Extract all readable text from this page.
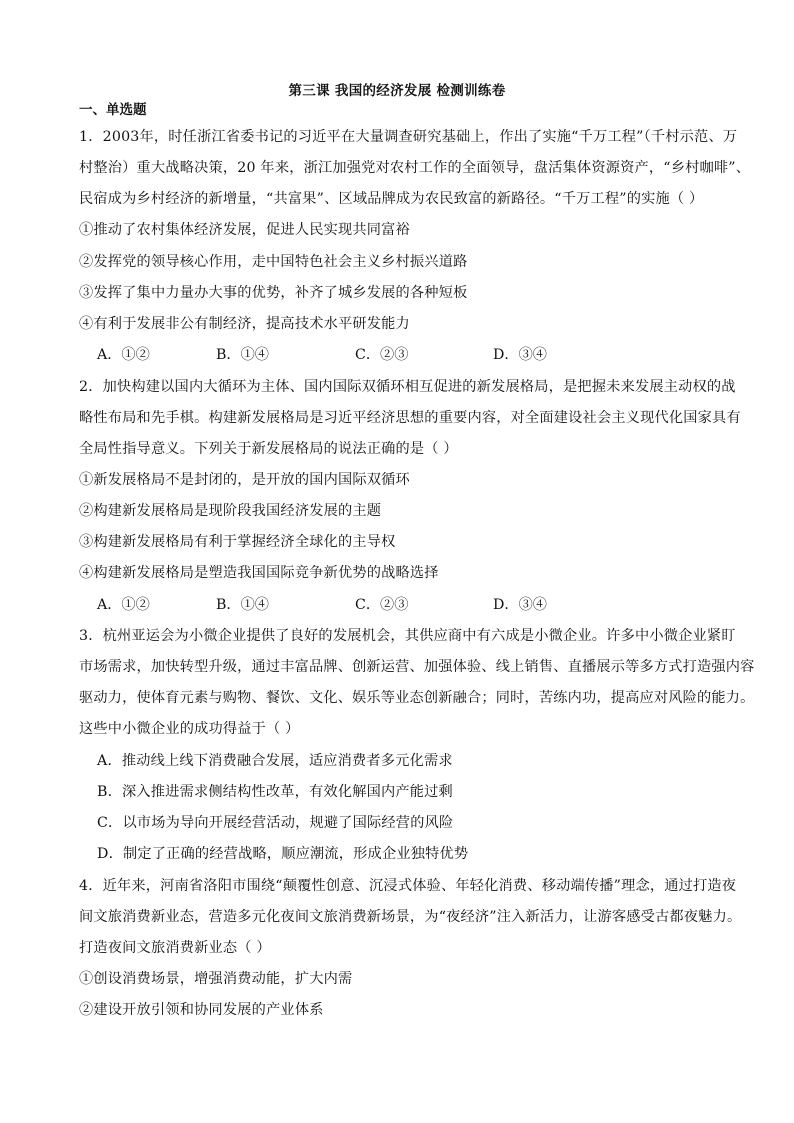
第三课 我国的经济发展 检测训练卷
一、单选题
1．2003年，时任浙江省委书记的习近平在大量调查研究基础上，作出了实施“千万工程”（千村示范、万
村整治）重大战略决策，20 年来，浙江加强党对农村工作的全面领导，盘活集体资源资产，“乡村咖啡”、
民宿成为乡村经济的新增量，“共富果”、区域品牌成为农民致富的新路径。“千万工程”的实施（ ）
①推动了农村集体经济发展，促进人民实现共同富裕
②发挥党的领导核心作用，走中国特色社会主义乡村振兴道路
③发挥了集中力量办大事的优势，补齐了城乡发展的各种短板
④有利于发展非公有制经济，提高技术水平研发能力
A．①②	B．①④	C．②③	D．③④
2．加快构建以国内大循环为主体、国内国际双循环相互促进的新发展格局，是把握未来发展主动权的战
略性布局和先手棋。构建新发展格局是习近平经济思想的重要内容，对全面建设社会主义现代化国家具有
全局性指导意义。下列关于新发展格局的说法正确的是（ ）
①新发展格局不是封闭的，是开放的国内国际双循环
②构建新发展格局是现阶段我国经济发展的主题
③构建新发展格局有利于掌握经济全球化的主导权
④构建新发展格局是塑造我国国际竞争新优势的战略选择
A．①②	B．①④	C．②③	D．③④
3．杭州亚运会为小微企业提供了良好的发展机会，其供应商中有六成是小微企业。许多中小微企业紧盯
市场需求，加快转型升级，通过丰富品牌、创新运营、加强体验、线上销售、直播展示等多方式打造强内容
驱动力，使体育元素与购物、餐饮、文化、娱乐等业态创新融合；同时，苦练内功，提高应对风险的能力。
这些中小微企业的成功得益于（ ）
A．推动线上线下消费融合发展，适应消费者多元化需求
B．深入推进需求侧结构性改革，有效化解国内产能过剩
C．以市场为导向开展经营活动，规避了国际经营的风险
D．制定了正确的经营战略，顺应潮流，形成企业独特优势
4．近年来，河南省洛阳市围绕“颠覆性创意、沉浸式体验、年轻化消费、移动端传播”理念，通过打造夜
间文旅消费新业态，营造多元化夜间文旅消费新场景，为“夜经济”注入新活力，让游客感受古都夜魅力。
打造夜间文旅消费新业态（ ）
①创设消费场景，增强消费动能，扩大内需
②建设开放引领和协同发展的产业体系
